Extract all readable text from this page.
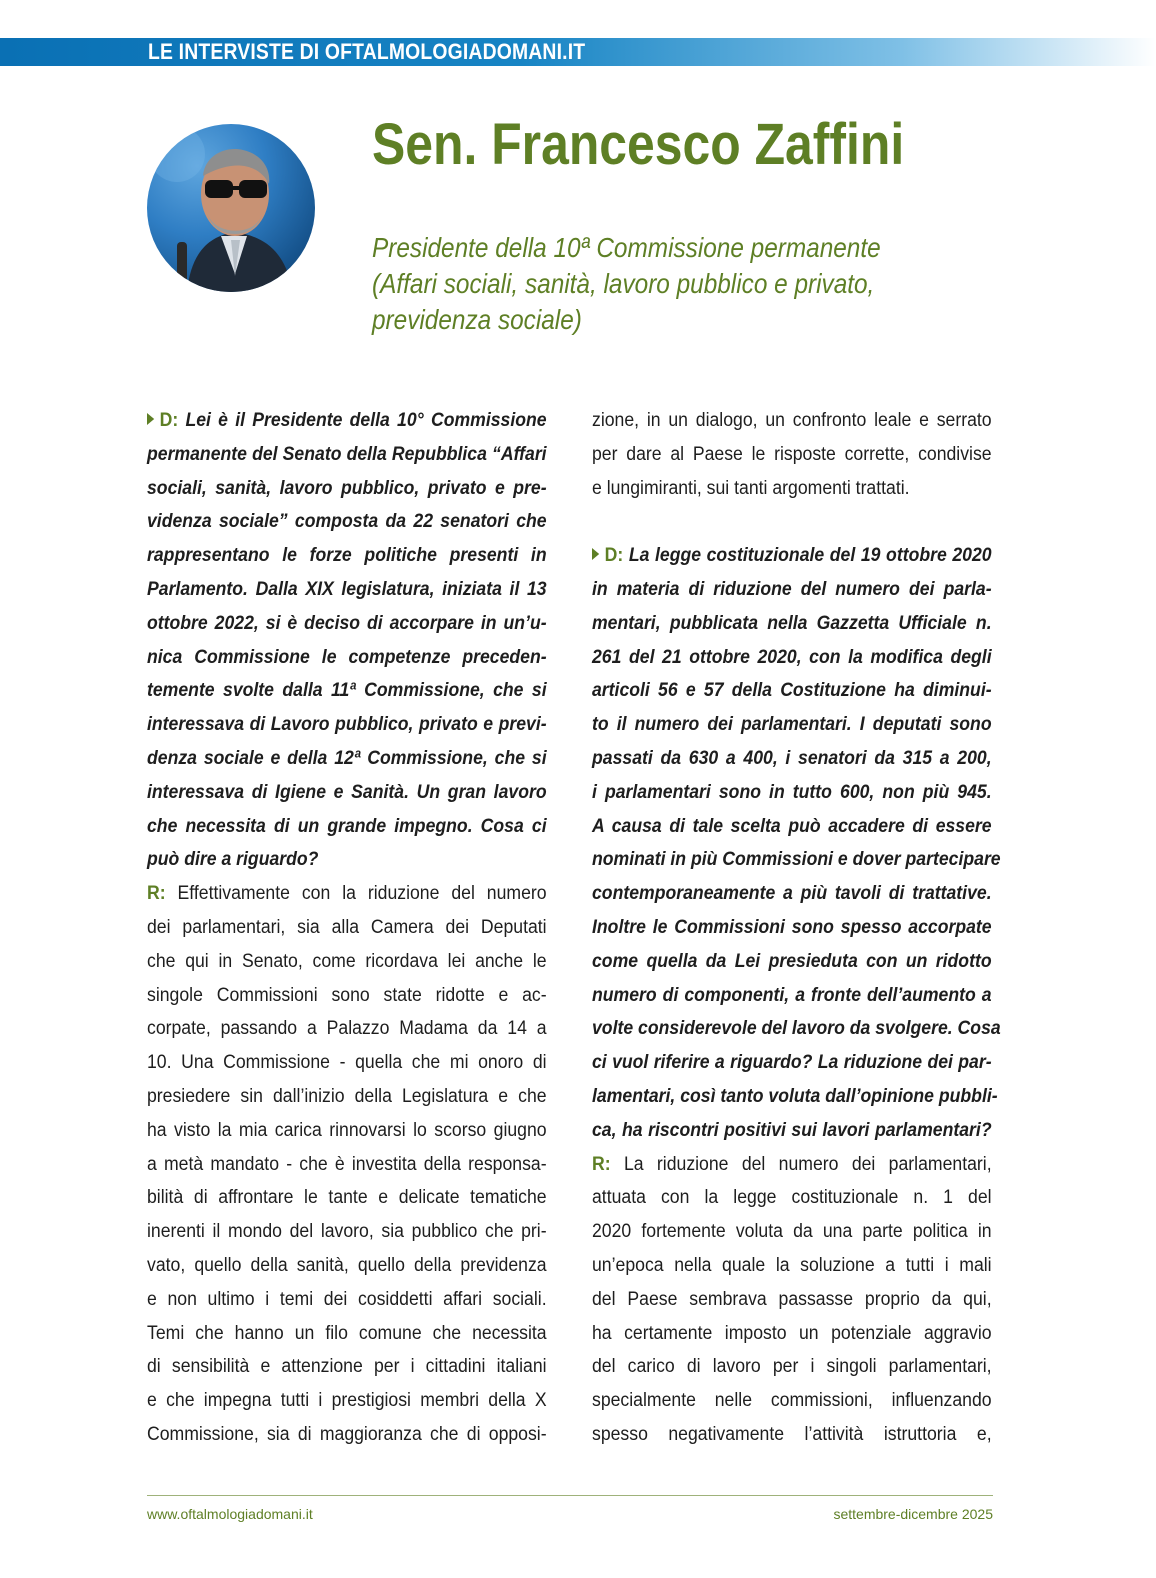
LE INTERVISTE DI OFTALMOLOGIADOMANI.IT
Sen. Francesco Zaffini
Presidente della 10ª Commissione permanente
(Affari sociali, sanità, lavoro pubblico e privato,
previdenza sociale)
D: Lei è il Presidente della 10° Commissione
permanente del Senato della Repubblica “Affari
sociali, sanità, lavoro pubblico, privato e pre-
videnza sociale” composta da 22 senatori che
rappresentano le forze politiche presenti in
Parlamento. Dalla XIX legislatura, iniziata il 13
ottobre 2022, si è deciso di accorpare in un’u-
nica Commissione le competenze preceden-
temente svolte dalla 11ª Commissione, che si
interessava di Lavoro pubblico, privato e previ-
denza sociale e della 12ª Commissione, che si
interessava di Igiene e Sanità. Un gran lavoro
che necessita di un grande impegno. Cosa ci
può dire a riguardo?
R: Effettivamente con la riduzione del numero
dei parlamentari, sia alla Camera dei Deputati
che qui in Senato, come ricordava lei anche le
singole Commissioni sono state ridotte e ac-
corpate, passando a Palazzo Madama da 14 a
10. Una Commissione - quella che mi onoro di
presiedere sin dall’inizio della Legislatura e che
ha visto la mia carica rinnovarsi lo scorso giugno
a metà mandato - che è investita della responsa-
bilità di affrontare le tante e delicate tematiche
inerenti il mondo del lavoro, sia pubblico che pri-
vato, quello della sanità, quello della previdenza
e non ultimo i temi dei cosiddetti affari sociali.
Temi che hanno un filo comune che necessita
di sensibilità e attenzione per i cittadini italiani
e che impegna tutti i prestigiosi membri della X
Commissione, sia di maggioranza che di opposi-
zione, in un dialogo, un confronto leale e serrato
per dare al Paese le risposte corrette, condivise
e lungimiranti, sui tanti argomenti trattati.
D: La legge costituzionale del 19 ottobre 2020
in materia di riduzione del numero dei parla-
mentari, pubblicata nella Gazzetta Ufficiale n.
261 del 21 ottobre 2020, con la modifica degli
articoli 56 e 57 della Costituzione ha diminui-
to il numero dei parlamentari. I deputati sono
passati da 630 a 400, i senatori da 315 a 200,
i parlamentari sono in tutto 600, non più 945.
A causa di tale scelta può accadere di essere
nominati in più Commissioni e dover partecipare
contemporaneamente a più tavoli di trattative.
Inoltre le Commissioni sono spesso accorpate
come quella da Lei presieduta con un ridotto
numero di componenti, a fronte dell’aumento a
volte considerevole del lavoro da svolgere. Cosa
ci vuol riferire a riguardo? La riduzione dei par-
lamentari, così tanto voluta dall’opinione pubbli-
ca, ha riscontri positivi sui lavori parlamentari?
R: La riduzione del numero dei parlamentari,
attuata con la legge costituzionale n. 1 del
2020 fortemente voluta da una parte politica in
un’epoca nella quale la soluzione a tutti i mali
del Paese sembrava passasse proprio da qui,
ha certamente imposto un potenziale aggravio
del carico di lavoro per i singoli parlamentari,
specialmente nelle commissioni, influenzando
spesso negativamente l’attività istruttoria e,
www.oftalmologiadomani.it	settembre-dicembre 2025
